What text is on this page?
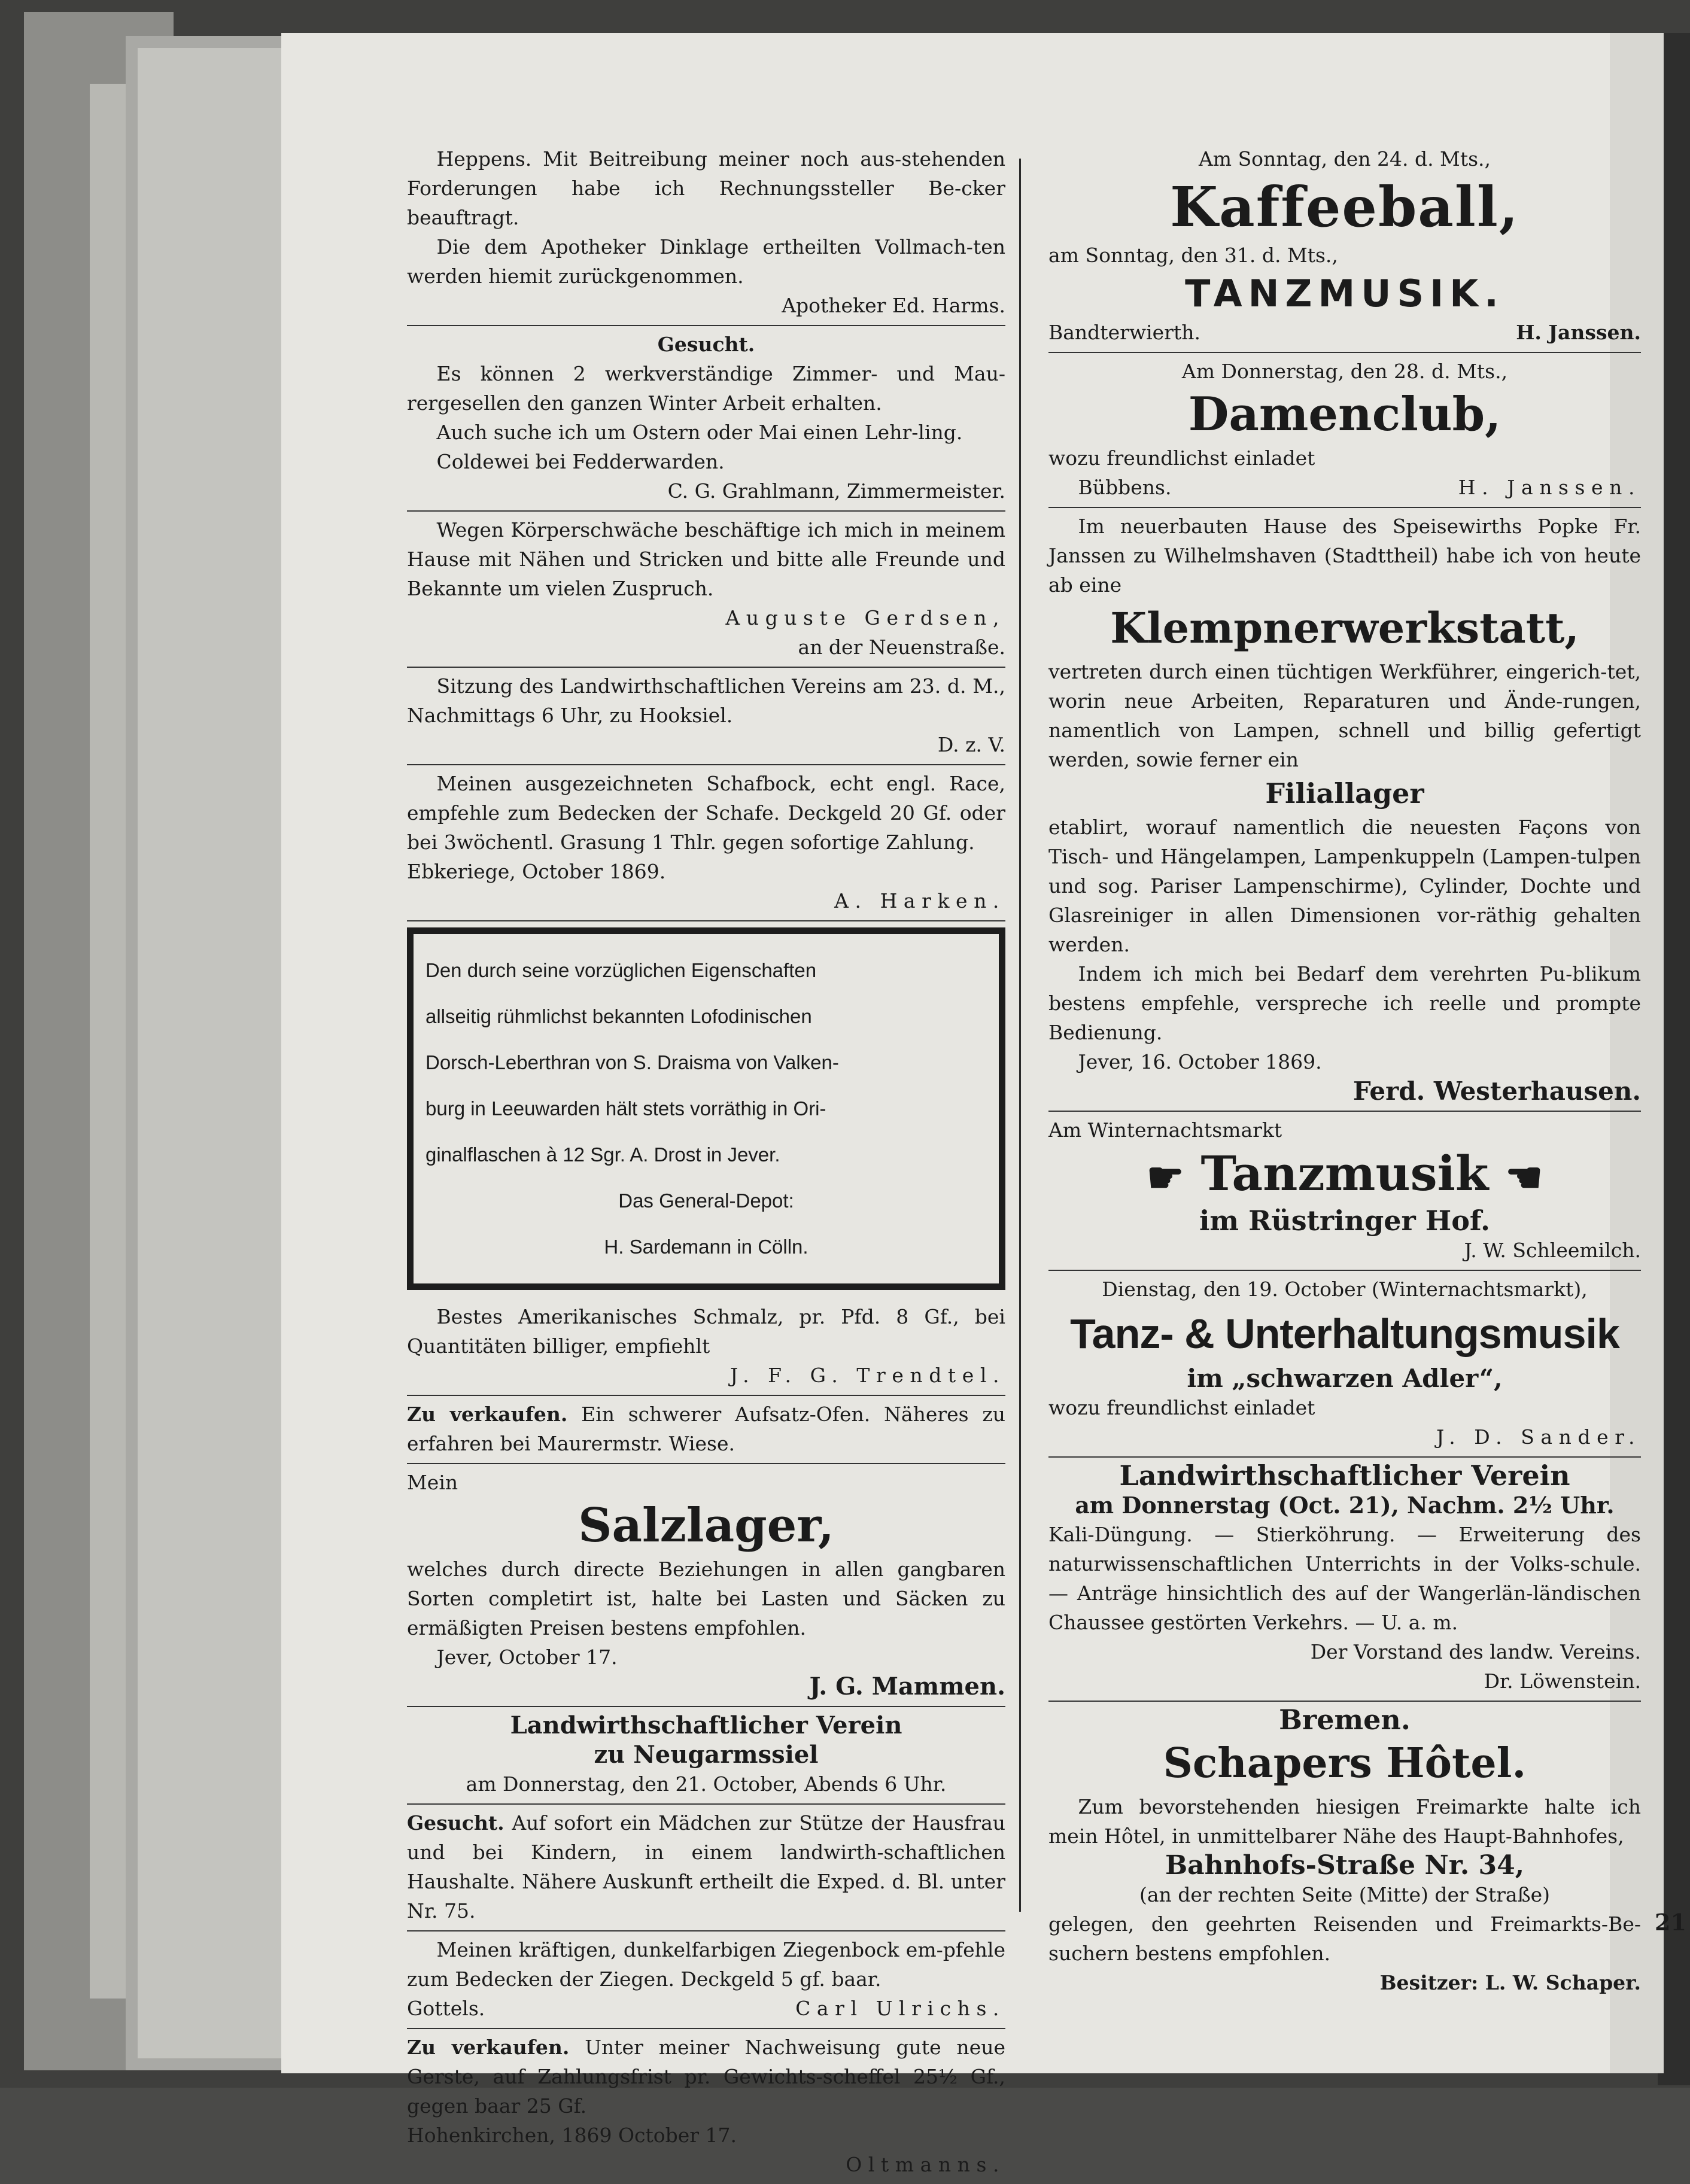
Heppens. Mit Beitreibung meiner noch aus-stehenden Forderungen habe ich Rechnungssteller Be-cker beauftragt.

Die dem Apotheker Dinklage ertheilten Vollmach-ten werden hiemit zurückgenommen.

Apotheker Ed. Harms.

Gesucht.

Es können 2 werkverständige Zimmer- und Mau-rergesellen den ganzen Winter Arbeit erhalten.

Auch suche ich um Ostern oder Mai einen Lehr-ling.

Coldewei bei Fedderwarden.

C. G. Grahlmann, Zimmermeister.

Wegen Körperschwäche beschäftige ich mich in meinem Hause mit Nähen und Stricken und bitte alle Freunde und Bekannte um vielen Zuspruch.

Auguste Gerdsen,

an der Neuenstraße.

Sitzung des Landwirthschaftlichen Vereins am 23. d. M., Nachmittags 6 Uhr, zu Hooksiel.

D. z. V.

Meinen ausgezeichneten Schafbock, echt engl. Race, empfehle zum Bedecken der Schafe. Deckgeld 20 Gf. oder bei 3wöchentl. Grasung 1 Thlr. gegen sofortige Zahlung.

Ebkeriege, October 1869.

A. Harken.

Den durch seine vorzüglichen Eigenschaften

allseitig rühmlichst bekannten Lofodinischen

Dorsch-Leberthran von S. Draisma von Valken-

burg in Leeuwarden hält stets vorräthig in Ori-

ginalflaschen à 12 Sgr. A. Drost in Jever.

Das General-Depot:

H. Sardemann in Cölln.

Bestes Amerikanisches Schmalz, pr. Pfd. 8 Gf., bei Quantitäten billiger, empfiehlt

J. F. G. Trendtel.

Zu verkaufen. Ein schwerer Aufsatz-Ofen. Näheres zu erfahren bei Maurermstr. Wiese.

Mein

Salzlager,

welches durch directe Beziehungen in allen gangbaren Sorten completirt ist, halte bei Lasten und Säcken zu ermäßigten Preisen bestens empfohlen.

Jever, October 17.

J. G. Mammen.

Landwirthschaftlicher Verein

zu Neugarmssiel

am Donnerstag, den 21. October, Abends 6 Uhr.

Gesucht. Auf sofort ein Mädchen zur Stütze der Hausfrau und bei Kindern, in einem landwirth-schaftlichen Haushalte. Nähere Auskunft ertheilt die Exped. d. Bl. unter Nr. 75.

Meinen kräftigen, dunkelfarbigen Ziegenbock em-pfehle zum Bedecken der Ziegen. Deckgeld 5 gf. baar.

Gottels.	Carl Ulrichs.

Zu verkaufen. Unter meiner Nachweisung gute neue Gerste, auf Zahlungsfrist pr. Gewichts-scheffel 25½ Gf., gegen baar 25 Gf.

Hohenkirchen, 1869 October 17.

Oltmanns.

Am Sonntag, den 24. d. Mts.,

Kaffeeball,

am Sonntag, den 31. d. Mts.,

TANZMUSIK.

Bandterwierth.	H. Janssen.

Am Donnerstag, den 28. d. Mts.,

Damenclub,

wozu freundlichst einladet

Bübbens.	H. Janssen.

Im neuerbauten Hause des Speisewirths Popke Fr. Janssen zu Wilhelmshaven (Stadttheil) habe ich von heute ab eine

Klempnerwerkstatt,

vertreten durch einen tüchtigen Werkführer, eingerich-tet, worin neue Arbeiten, Reparaturen und Ände-rungen, namentlich von Lampen, schnell und billig gefertigt werden, sowie ferner ein

Filiallager

etablirt, worauf namentlich die neuesten Façons von Tisch- und Hängelampen, Lampenkuppeln (Lampen-tulpen und sog. Pariser Lampenschirme), Cylinder, Dochte und Glasreiniger in allen Dimensionen vor-räthig gehalten werden.

Indem ich mich bei Bedarf dem verehrten Pu-blikum bestens empfehle, verspreche ich reelle und prompte Bedienung.

Jever, 16. October 1869.

Ferd. Westerhausen.

Am Winternachtsmarkt

☛ Tanzmusik ☚

im Rüstringer Hof.

J. W. Schleemilch.

Dienstag, den 19. October (Winternachtsmarkt),

Tanz- & Unterhaltungsmusik

im „schwarzen Adler“,

wozu freundlichst einladet

J. D. Sander.

Landwirthschaftlicher Verein

am Donnerstag (Oct. 21), Nachm. 2½ Uhr.

Kali-Düngung. — Stierköhrung. — Erweiterung des naturwissenschaftlichen Unterrichts in der Volks-schule. — Anträge hinsichtlich des auf der Wangerlän-ländischen Chaussee gestörten Verkehrs. — U. a. m.

Der Vorstand des landw. Vereins.

Dr. Löwenstein.

Bremen.

Schapers Hôtel.

Zum bevorstehenden hiesigen Freimarkte halte ich mein Hôtel, in unmittelbarer Nähe des Haupt-Bahnhofes,

Bahnhofs-Straße Nr. 34,

(an der rechten Seite (Mitte) der Straße)

gelegen, den geehrten Reisenden und Freimarkts-Be-suchern bestens empfohlen.

Besitzer: L. W. Schaper.

21
